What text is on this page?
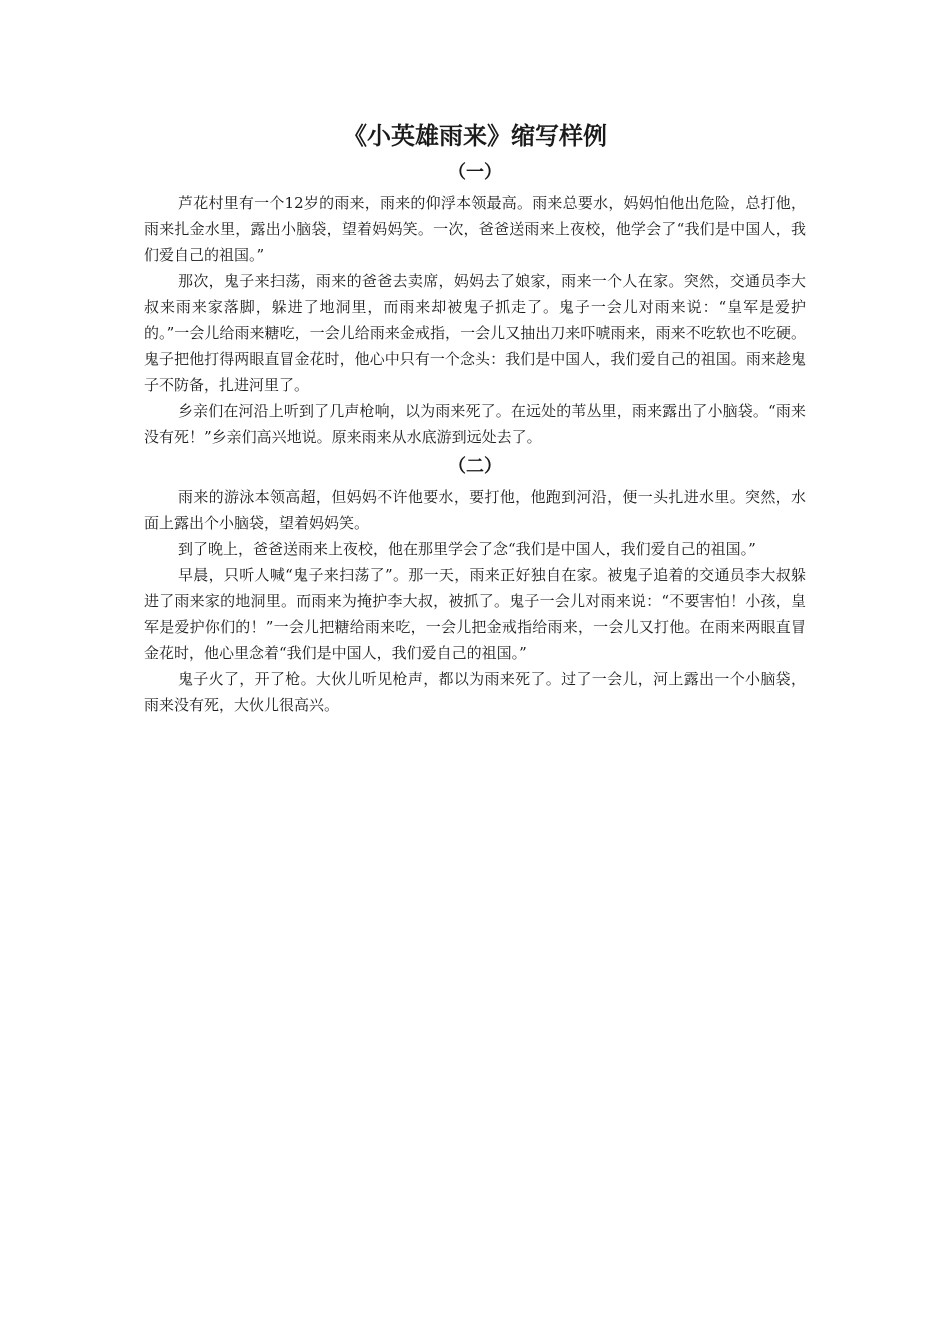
《小英雄雨来》缩写样例
（一）

芦花村里有一个12岁的雨来，雨来的仰浮本领最高。雨来总要水，妈妈怕他出危险，总打他，雨来扎金水里，露出小脑袋，望着妈妈笑。一次，爸爸送雨来上夜校，他学会了“我们是中国人，我们爱自己的祖国。”

那次，鬼子来扫荡，雨来的爸爸去卖席，妈妈去了娘家，雨来一个人在家。突然，交通员李大叔来雨来家落脚，躲进了地洞里，而雨来却被鬼子抓走了。鬼子一会儿对雨来说：“皇军是爱护的。”一会儿给雨来糖吃，一会儿给雨来金戒指，一会儿又抽出刀来吓唬雨来，雨来不吃软也不吃硬。鬼子把他打得两眼直冒金花时，他心中只有一个念头：我们是中国人，我们爱自己的祖国。雨来趁鬼子不防备，扎进河里了。

乡亲们在河沿上听到了几声枪响，以为雨来死了。在远处的苇丛里，雨来露出了小脑袋。“雨来没有死！”乡亲们高兴地说。原来雨来从水底游到远处去了。

（二）

雨来的游泳本领高超，但妈妈不许他要水，要打他，他跑到河沿，便一头扎进水里。突然，水面上露出个小脑袋，望着妈妈笑。

到了晚上，爸爸送雨来上夜校，他在那里学会了念“我们是中国人，我们爱自己的祖国。”

早晨，只听人喊“鬼子来扫荡了”。那一天，雨来正好独自在家。被鬼子追着的交通员李大叔躲进了雨来家的地洞里。而雨来为掩护李大叔，被抓了。鬼子一会儿对雨来说：“不要害怕！小孩，皇军是爱护你们的！”一会儿把糖给雨来吃，一会儿把金戒指给雨来，一会儿又打他。在雨来两眼直冒金花时，他心里念着“我们是中国人，我们爱自己的祖国。”

鬼子火了，开了枪。大伙儿听见枪声，都以为雨来死了。过了一会儿，河上露出一个小脑袋，雨来没有死，大伙儿很高兴。
